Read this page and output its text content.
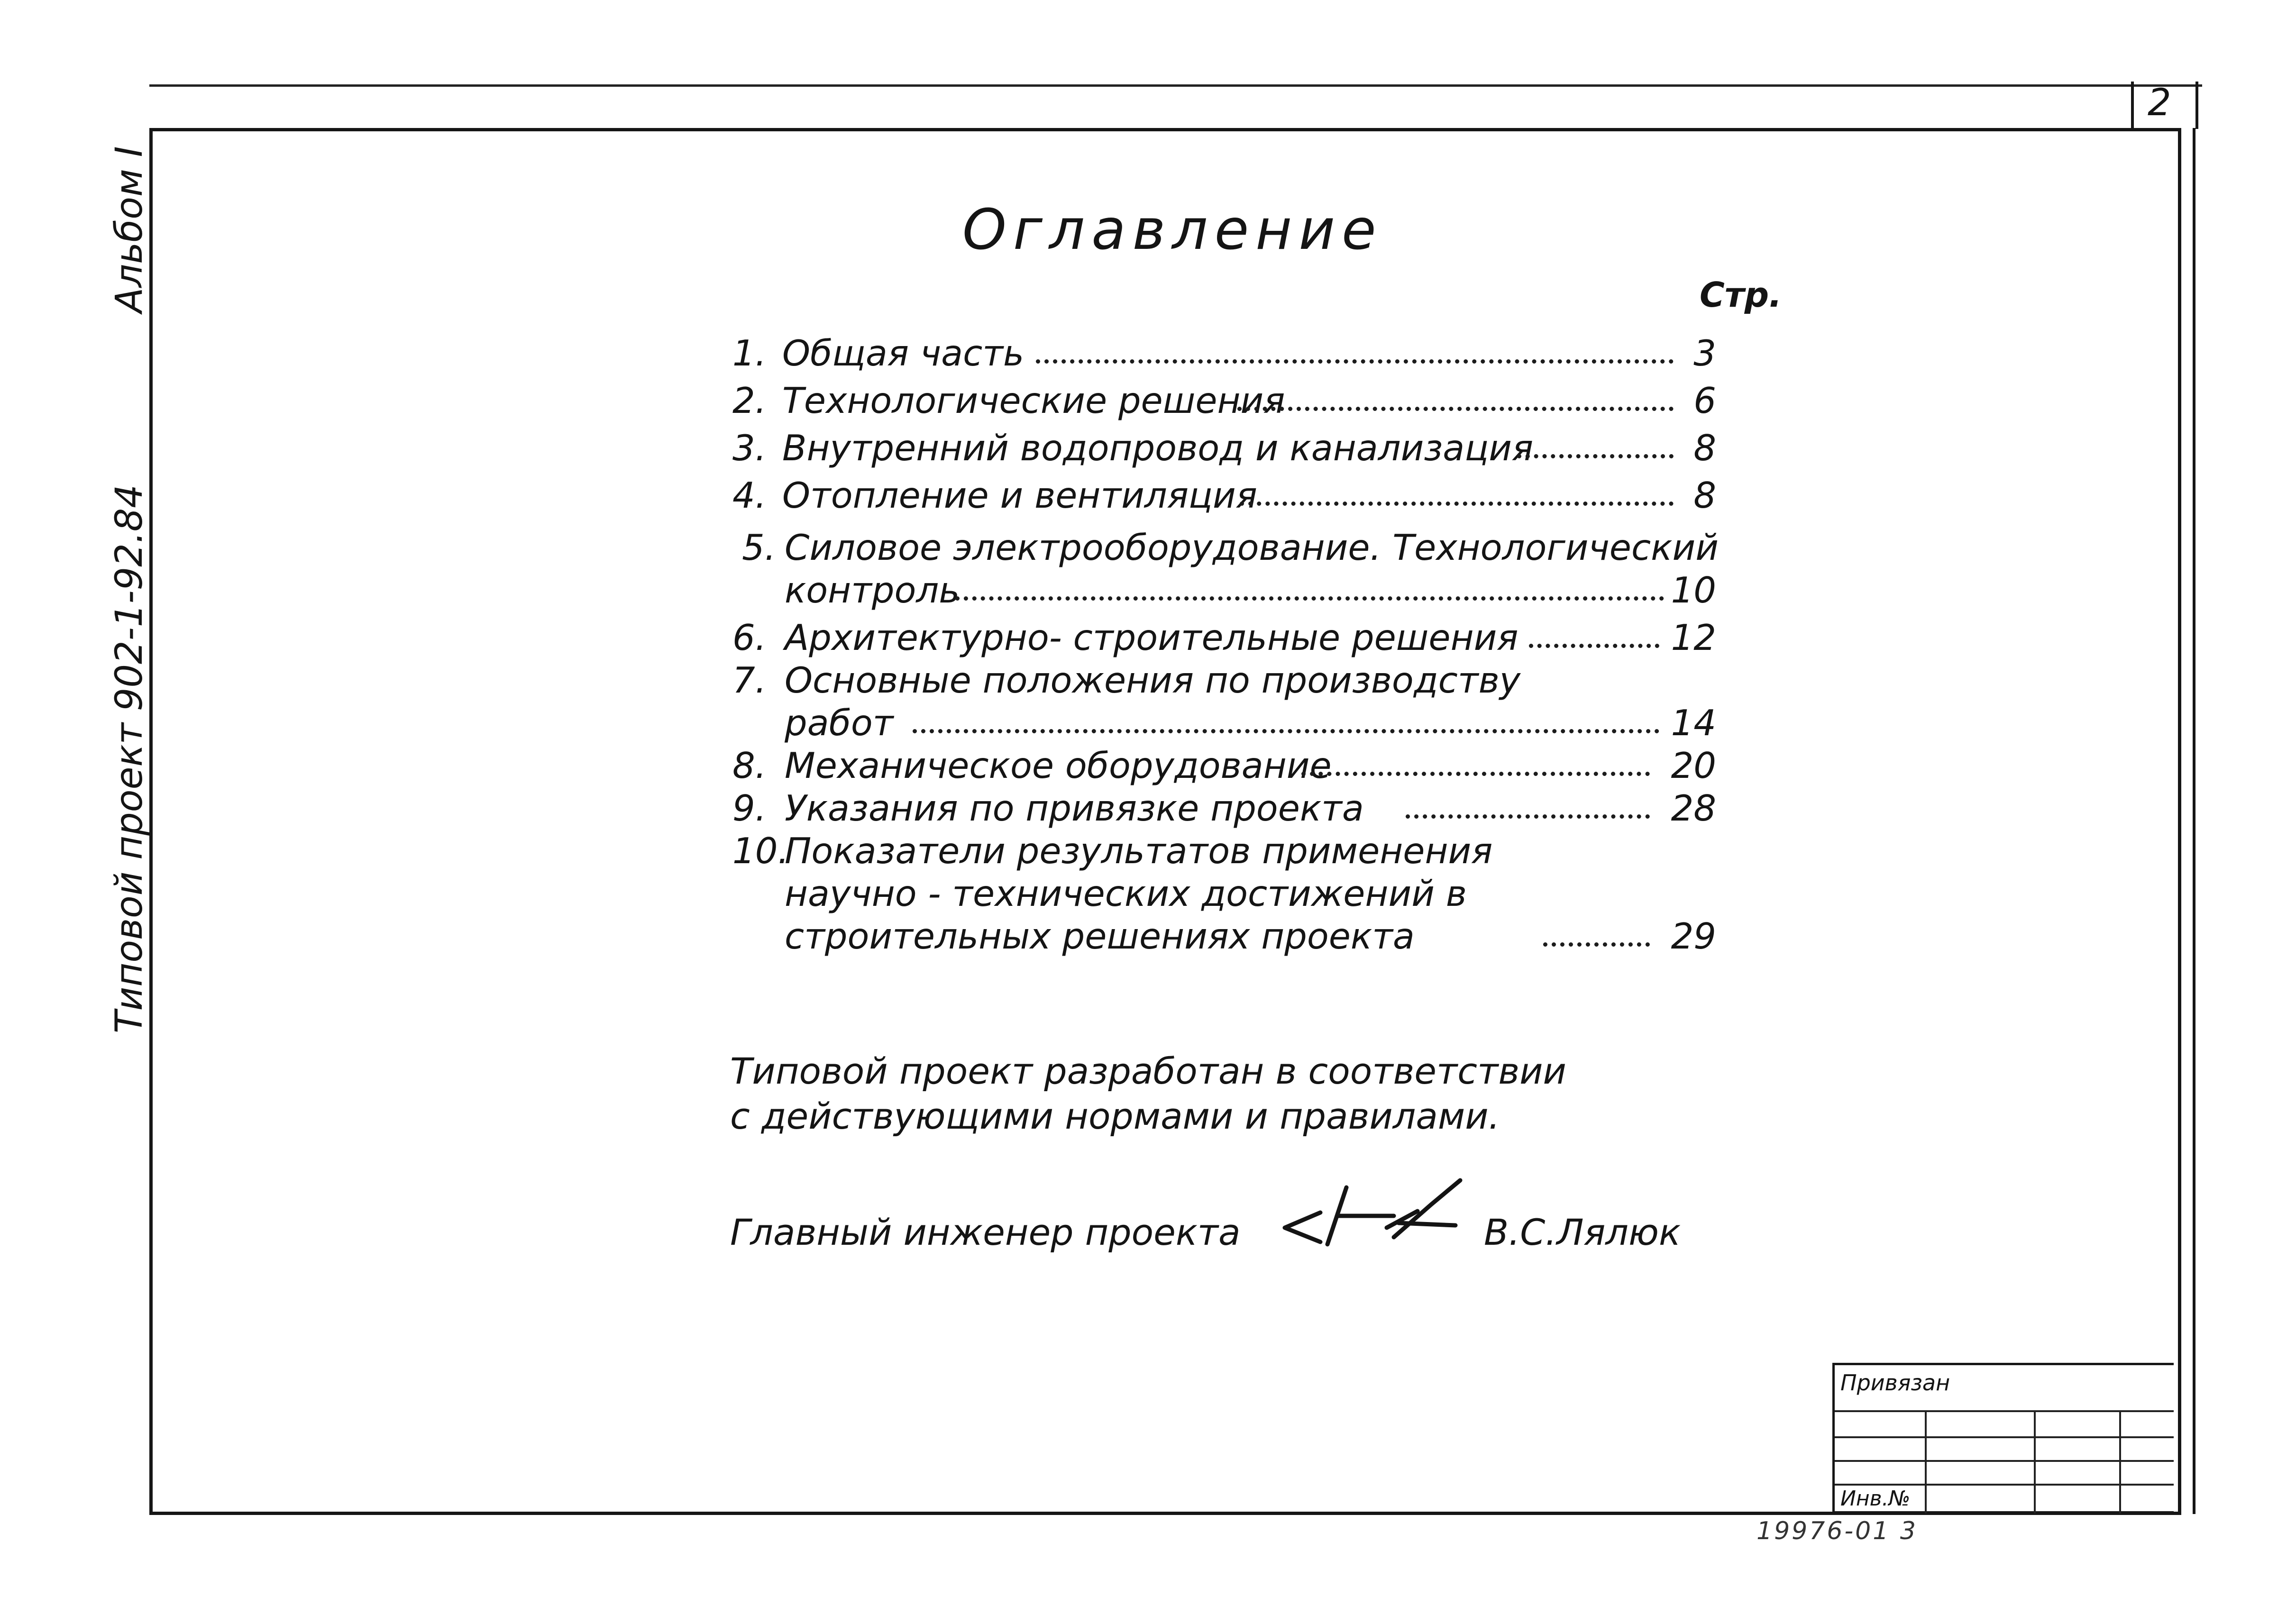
2
Альбом I
Типовой проект 902-1-92.84
Оглавление
Стр.
1. Общая часть	3
2. Технологические решения	6
3. Внутренний водопровод и канализация	8
4. Отопление и вентиляция	8
5. Силовое электрооборудование. Технологический
контроль	10
6. Архитектурно- строительные решения	12
7. Основные положения по производству
работ	14
8. Механическое оборудование	20
9. Указания по привязке проекта	28
10.
Показатели результатов применения
научно - технических достижений в
строительных решениях проекта	29
Типовой проект разработан в соответствии
с действующими нормами и правилами.
Главный инженер проекта	В.С.Лялюк
Привязан
Инв.№
19976-01 3
